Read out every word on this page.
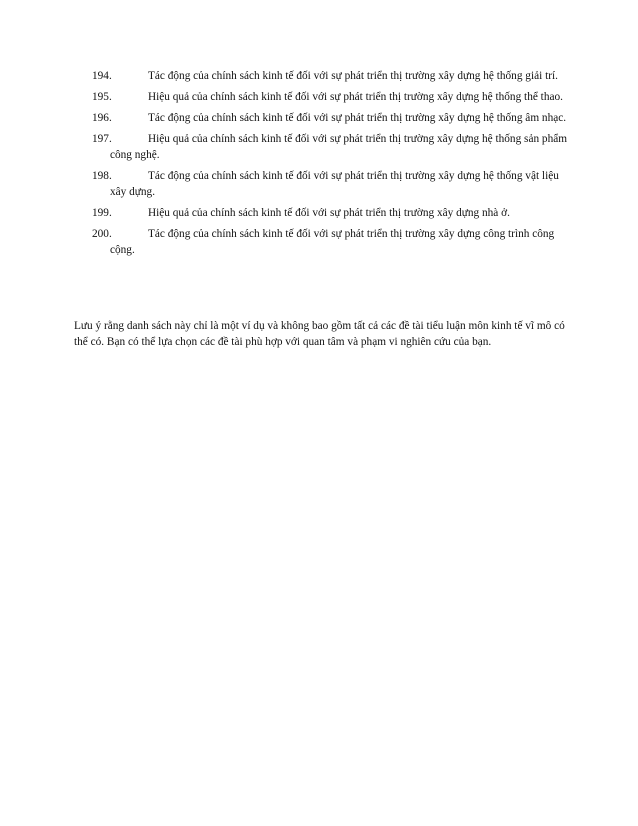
194.	Tác động của chính sách kinh tế đối với sự phát triển thị trường xây dựng hệ thống giải trí.
195.	Hiệu quả của chính sách kinh tế đối với sự phát triển thị trường xây dựng hệ thống thể thao.
196.	Tác động của chính sách kinh tế đối với sự phát triển thị trường xây dựng hệ thống âm nhạc.
197.	Hiệu quả của chính sách kinh tế đối với sự phát triển thị trường xây dựng hệ thống sản phẩm công nghệ.
198.	Tác động của chính sách kinh tế đối với sự phát triển thị trường xây dựng hệ thống vật liệu xây dựng.
199.	Hiệu quả của chính sách kinh tế đối với sự phát triển thị trường xây dựng nhà ở.
200.	Tác động của chính sách kinh tế đối với sự phát triển thị trường xây dựng công trình công cộng.

Lưu ý rằng danh sách này chỉ là một ví dụ và không bao gồm tất cả các đề tài tiểu luận môn kinh tế vĩ mô có thể có. Bạn có thể lựa chọn các đề tài phù hợp với quan tâm và phạm vi nghiên cứu của bạn.
